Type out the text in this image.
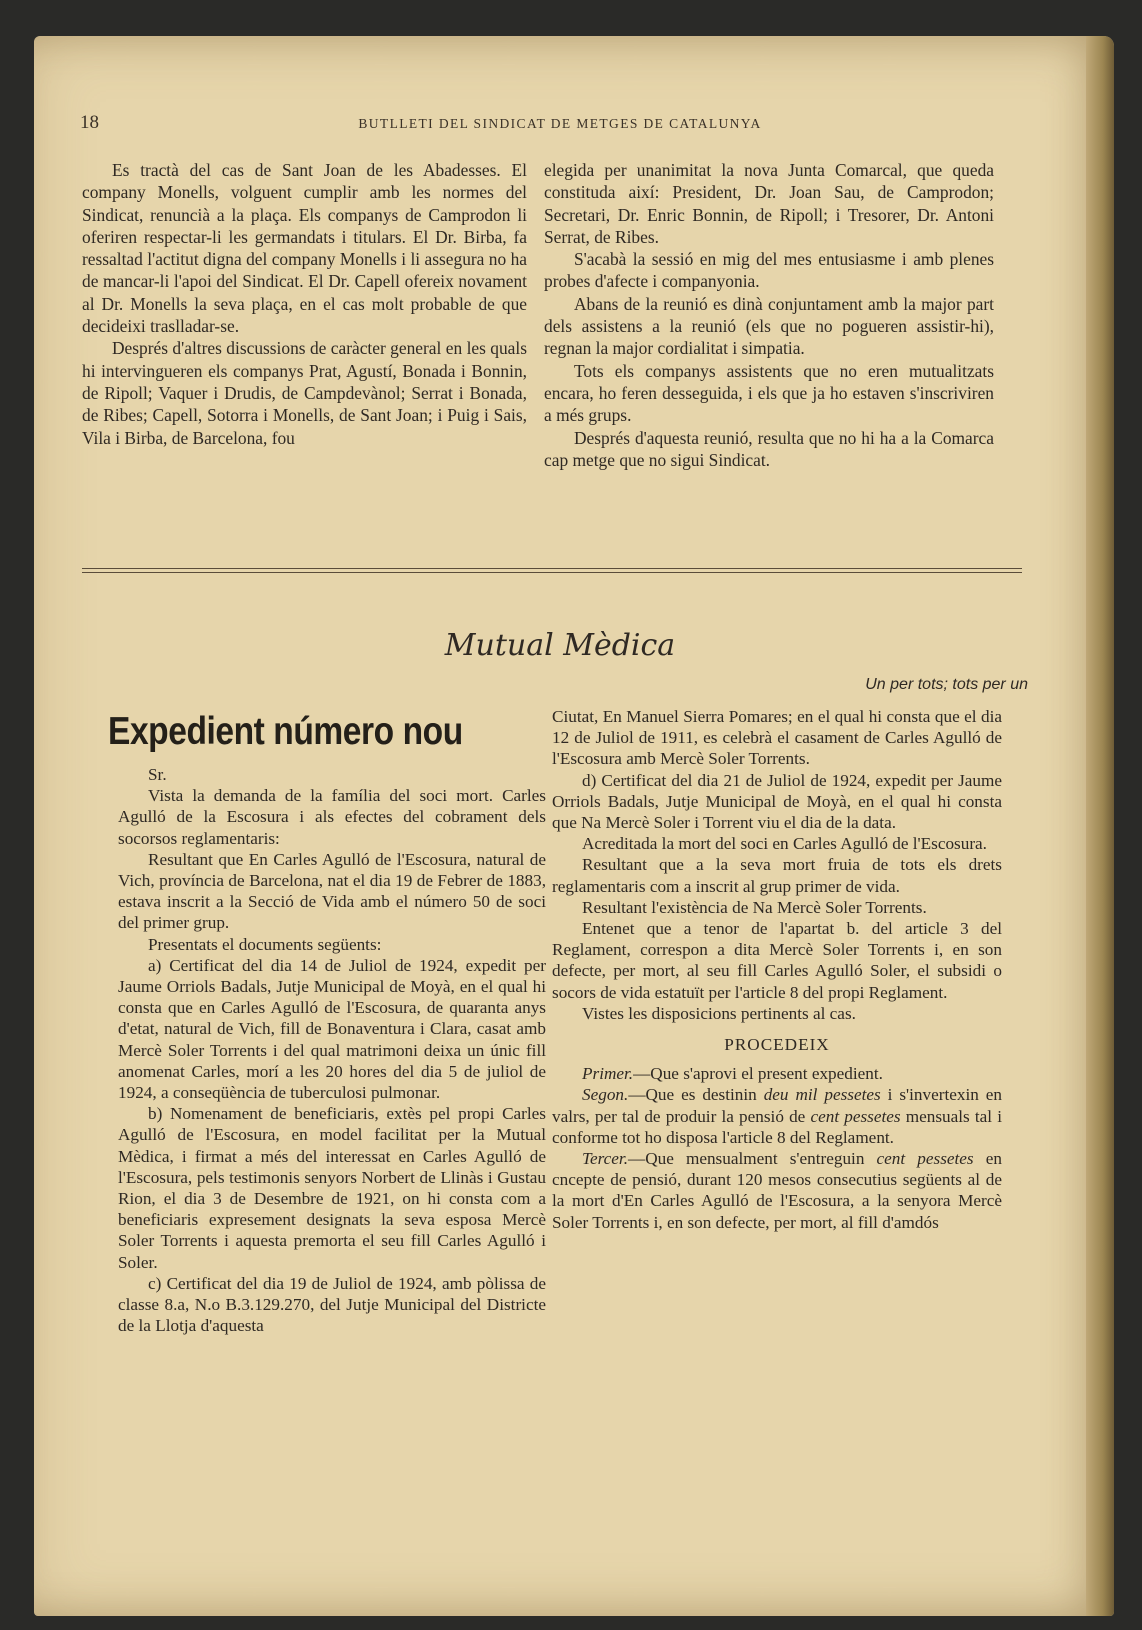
18	BUTLLETI DEL SINDICAT DE METGES DE CATALUNYA

Es tractà del cas de Sant Joan de les Abadesses. El company Monells, volguent cumplir amb les normes del Sindicat, renuncià a la plaça. Els companys de Camprodon li oferiren respectar-li les germandats i titulars. El Dr. Birba, fa ressaltad l'actitut digna del company Monells i li assegura no ha de mancar-li l'apoi del Sindicat. El Dr. Capell ofereix novament al Dr. Monells la seva plaça, en el cas molt probable de que decideixi traslladar-se.

Després d'altres discussions de caràcter general en les quals hi intervingueren els companys Prat, Agustí, Bonada i Bonnin, de Ripoll; Vaquer i Drudis, de Campdevànol; Serrat i Bonada, de Ribes; Capell, Sotorra i Monells, de Sant Joan; i Puig i Sais, Vila i Birba, de Barcelona, fou

elegida per unanimitat la nova Junta Comarcal, que queda constituda així: President, Dr. Joan Sau, de Camprodon; Secretari, Dr. Enric Bonnin, de Ripoll; i Tresorer, Dr. Antoni Serrat, de Ribes.

S'acabà la sessió en mig del mes entusiasme i amb plenes probes d'afecte i companyonia.

Abans de la reunió es dinà conjuntament amb la major part dels assistens a la reunió (els que no pogueren assistir-hi), regnan la major cordialitat i simpatia.

Tots els companys assistents que no eren mutualitzats encara, ho feren desseguida, i els que ja ho estaven s'inscriviren a més grups.

Després d'aquesta reunió, resulta que no hi ha a la Comarca cap metge que no sigui Sindicat.

Mutual Mèdica
Un per tots; tots per un
Expedient número nou

Sr.

Vista la demanda de la família del soci mort. Carles Agulló de la Escosura i als efectes del cobrament dels socorsos reglamentaris:

Resultant que En Carles Agulló de l'Escosura, natural de Vich, província de Barcelona, nat el dia 19 de Febrer de 1883, estava inscrit a la Secció de Vida amb el número 50 de soci del primer grup.

Presentats el documents següents:

a) Certificat del dia 14 de Juliol de 1924, expedit per Jaume Orriols Badals, Jutje Municipal de Moyà, en el qual hi consta que en Carles Agulló de l'Escosura, de quaranta anys d'etat, natural de Vich, fill de Bonaventura i Clara, casat amb Mercè Soler Torrents i del qual matrimoni deixa un únic fill anomenat Carles, morí a les 20 hores del dia 5 de juliol de 1924, a conseqüència de tuberculosi pulmonar.

b) Nomenament de beneficiaris, extès pel propi Carles Agulló de l'Escosura, en model facilitat per la Mutual Mèdica, i firmat a més del interessat en Carles Agulló de l'Escosura, pels testimonis senyors Norbert de Llinàs i Gustau Rion, el dia 3 de Desembre de 1921, on hi consta com a beneficiaris expresement designats la seva esposa Mercè Soler Torrents i aquesta premorta el seu fill Carles Agulló i Soler.

c) Certificat del dia 19 de Juliol de 1924, amb pòlissa de classe 8.a, N.o B.3.129.270, del Jutje Municipal del Districte de la Llotja d'aquesta

Ciutat, En Manuel Sierra Pomares; en el qual hi consta que el dia 12 de Juliol de 1911, es celebrà el casament de Carles Agulló de l'Escosura amb Mercè Soler Torrents.

d) Certificat del dia 21 de Juliol de 1924, expedit per Jaume Orriols Badals, Jutje Municipal de Moyà, en el qual hi consta que Na Mercè Soler i Torrent viu el dia de la data.

Acreditada la mort del soci en Carles Agulló de l'Escosura.

Resultant que a la seva mort fruia de tots els drets reglamentaris com a inscrit al grup primer de vida.

Resultant l'existència de Na Mercè Soler Torrents.

Entenet que a tenor de l'apartat b. del article 3 del Reglament, correspon a dita Mercè Soler Torrents i, en son defecte, per mort, al seu fill Carles Agulló Soler, el subsidi o socors de vida estatuït per l'article 8 del propi Reglament.

Vistes les disposicions pertinents al cas.

PROCEDEIX

Primer.—Que s'aprovi el present expedient.

Segon.—Que es destinin deu mil pessetes i s'invertexin en valrs, per tal de produir la pensió de cent pessetes mensuals tal i conforme tot ho disposa l'article 8 del Reglament.

Tercer.—Que mensualment s'entreguin cent pessetes en cncepte de pensió, durant 120 mesos consecutius següents al de la mort d'En Carles Agulló de l'Escosura, a la senyora Mercè Soler Torrents i, en son defecte, per mort, al fill d'amdós
